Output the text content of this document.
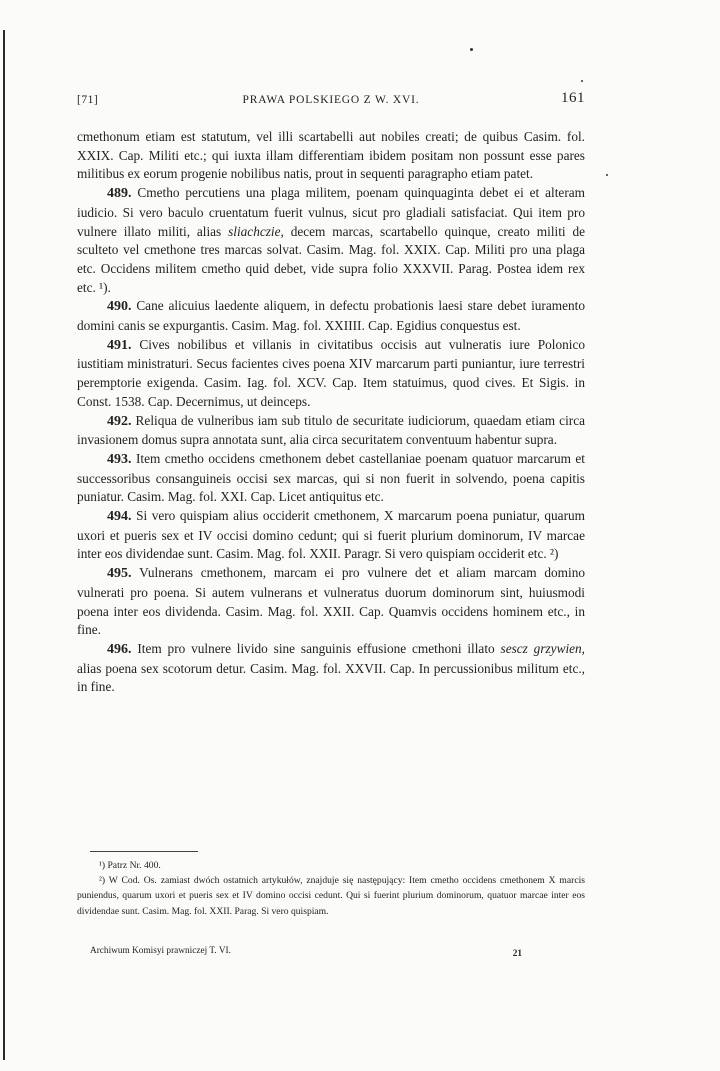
[71]	PRAWA POLSKIEGO Z W. XVI.	161

cmethonum etiam est statutum, vel illi scartabelli aut nobiles creati; de quibus Casim. fol. XXIX. Cap. Militi etc.; qui iuxta illam differentiam ibidem positam non possunt esse pares militibus ex eorum progenie nobilibus natis, prout in sequenti paragrapho etiam patet.

489. Cmetho percutiens una plaga militem, poenam quinquaginta debet ei et alteram iudicio. Si vero baculo cruentatum fuerit vulnus, sicut pro gladiali satisfaciat. Qui item pro vulnere illato militi, alias sliachczie, decem marcas, scartabello quinque, creato militi de sculteto vel cmethone tres marcas solvat. Casim. Mag. fol. XXIX. Cap. Militi pro una plaga etc. Occidens militem cmetho quid debet, vide supra folio XXXVII. Parag. Postea idem rex etc. ¹).

490. Cane alicuius laedente aliquem, in defectu probationis laesi stare debet iuramento domini canis se expurgantis. Casim. Mag. fol. XXIIII. Cap. Egidius conquestus est.

491. Cives nobilibus et villanis in civitatibus occisis aut vulneratis iure Polonico iustitiam ministraturi. Secus facientes cives poena XIV marcarum parti puniantur, iure terrestri peremptorie exigenda. Casim. Iag. fol. XCV. Cap. Item statuimus, quod cives. Et Sigis. in Const. 1538. Cap. Decernimus, ut deinceps.

492. Reliqua de vulneribus iam sub titulo de securitate iudiciorum, quaedam etiam circa invasionem domus supra annotata sunt, alia circa securitatem conventuum habentur supra.

493. Item cmetho occidens cmethonem debet castellaniae poenam quatuor marcarum et successoribus consanguineis occisi sex marcas, qui si non fuerit in solvendo, poena capitis puniatur. Casim. Mag. fol. XXI. Cap. Licet antiquitus etc.

494. Si vero quispiam alius occiderit cmethonem, X marcarum poena puniatur, quarum uxori et pueris sex et IV occisi domino cedunt; qui si fuerit plurium dominorum, IV marcae inter eos dividendae sunt. Casim. Mag. fol. XXII. Paragr. Si vero quispiam occiderit etc. ²)

495. Vulnerans cmethonem, marcam ei pro vulnere det et aliam marcam domino vulnerati pro poena. Si autem vulnerans et vulneratus duorum dominorum sint, huiusmodi poena inter eos dividenda. Casim. Mag. fol. XXII. Cap. Quamvis occidens hominem etc., in fine.

496. Item pro vulnere livido sine sanguinis effusione cmethoni illato sescz grzywien, alias poena sex scotorum detur. Casim. Mag. fol. XXVII. Cap. In percussionibus militum etc., in fine.

¹) Patrz Nr. 400.

²) W Cod. Os. zamiast dwóch ostatnich artykułów, znajduje się następujący: Item cmetho occidens cmethonem X marcis puniendus, quarum uxori et pueris sex et IV domino occisi cedunt. Qui si fuerint plurium dominorum, quatuor marcae inter eos dividendae sunt. Casim. Mag. fol. XXII. Parag. Si vero quispiam.

Archiwum Komisyi prawniczej T. VI.	21
